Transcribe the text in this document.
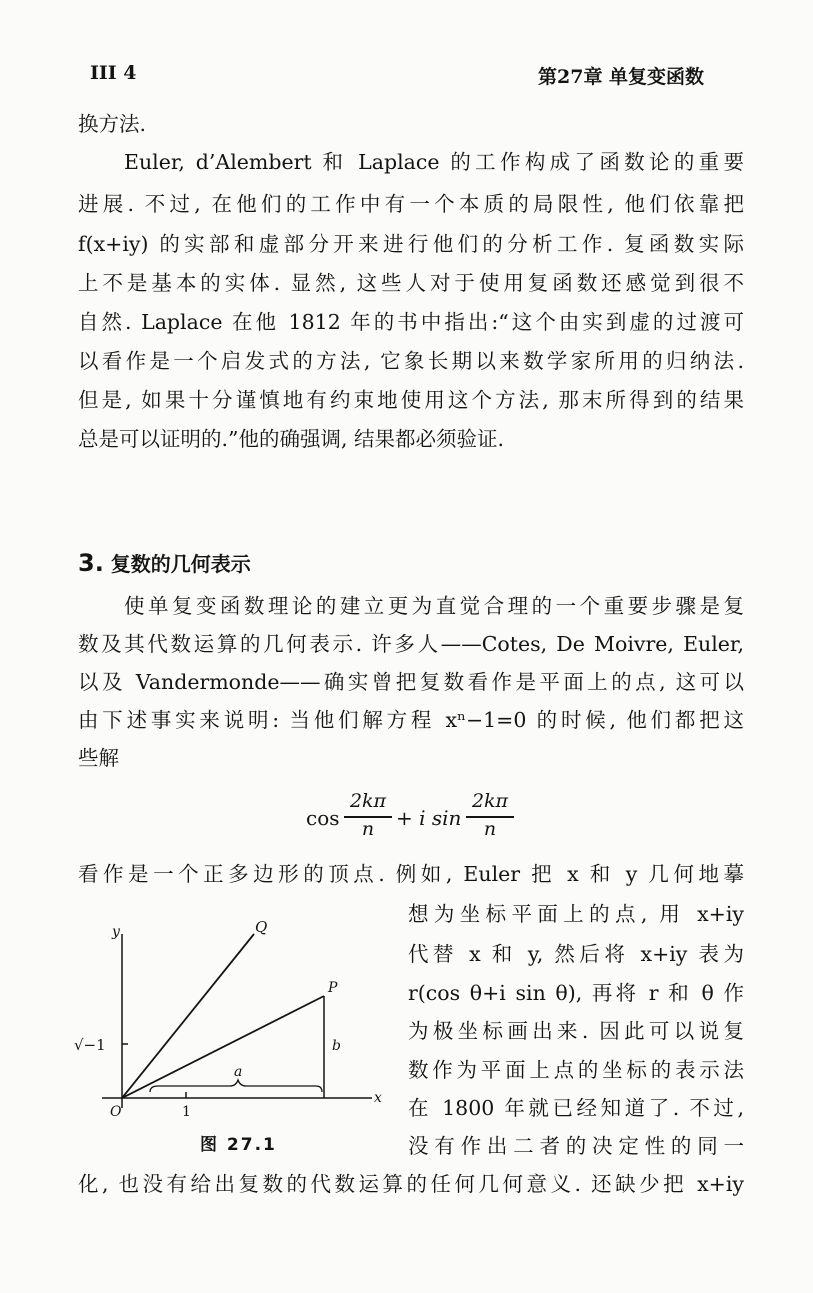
III 4	第27章 单复变函数
换方法.
Euler, d’Alembert 和 Laplace 的工作构成了函数论的重要
进展. 不过, 在他们的工作中有一个本质的局限性, 他们依靠把
f(x+iy) 的实部和虚部分开来进行他们的分析工作. 复函数实际
上不是基本的实体. 显然, 这些人对于使用复函数还感觉到很不
自然. Laplace 在他 1812 年的书中指出:“这个由实到虚的过渡可
以看作是一个启发式的方法, 它象长期以来数学家所用的归纳法.
但是, 如果十分谨慎地有约束地使用这个方法, 那末所得到的结果
总是可以证明的.”他的确强调, 结果都必须验证.
3. 复数的几何表示
使单复变函数理论的建立更为直觉合理的一个重要步骤是复
数及其代数运算的几何表示. 许多人——Cotes, De Moivre, Euler,
以及 Vandermonde——确实曾把复数看作是平面上的点, 这可以
由下述事实来说明: 当他们解方程 xⁿ−1=0 的时候, 他们都把这
些解
cos
2kπ
n	+ i sin
2kπ
n
看作是一个正多边形的顶点. 例如, Euler 把 x 和 y 几何地摹
想为坐标平面上的点, 用 x+iy
代替 x 和 y, 然后将 x+iy 表为
r(cos θ+i sin θ), 再将 r 和 θ 作
为极坐标画出来. 因此可以说复
数作为平面上点的坐标的表示法
在 1800 年就已经知道了. 不过,
没有作出二者的决定性的同一
化, 也没有给出复数的代数运算的任何几何意义. 还缺少把 x+iy
y
x
Q
P
b
a
O	1
√−1
图 27.1
